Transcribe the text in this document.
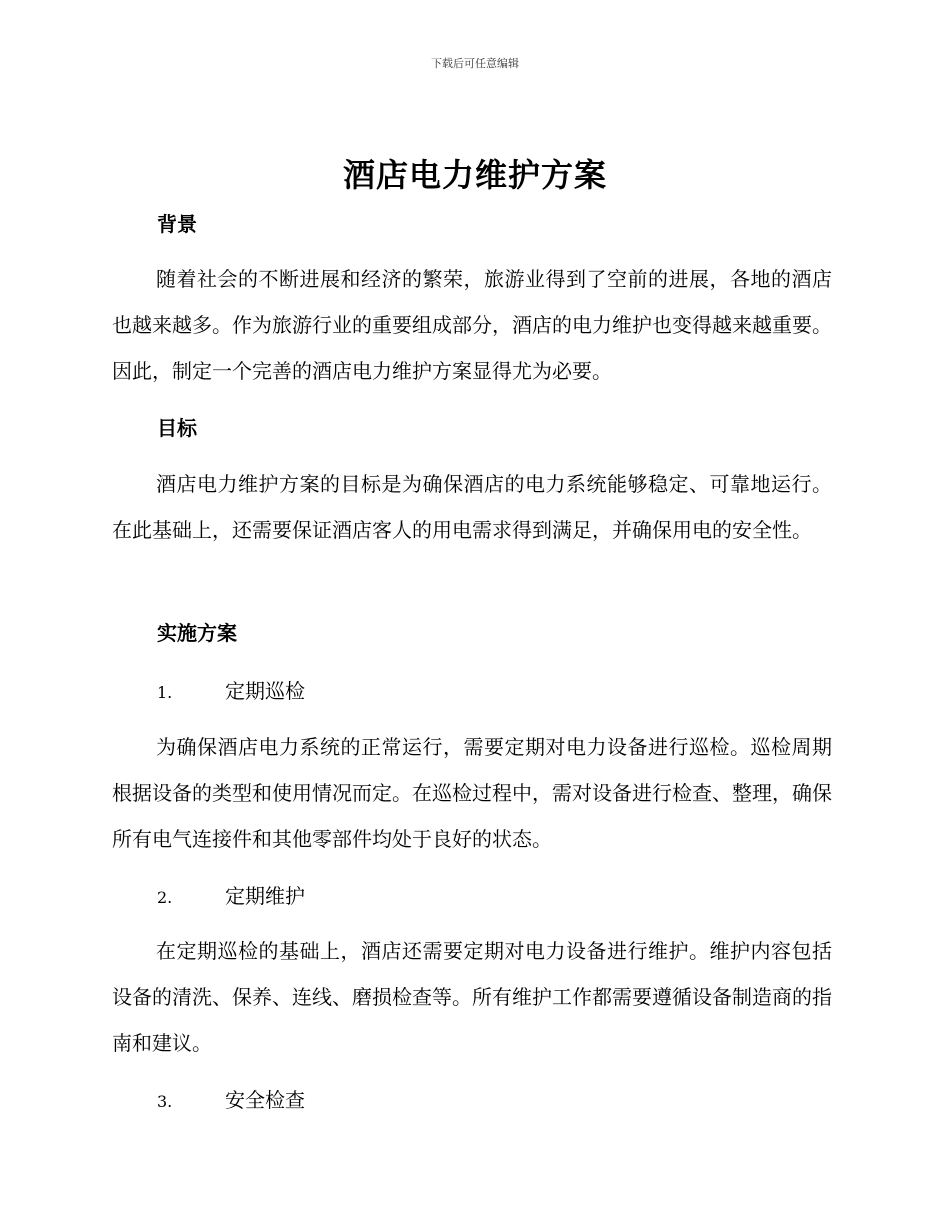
下载后可任意编辑
酒店电力维护方案
背景
随着社会的不断进展和经济的繁荣，旅游业得到了空前的进展，各地的酒店也越来越多。作为旅游行业的重要组成部分，酒店的电力维护也变得越来越重要。因此，制定一个完善的酒店电力维护方案显得尤为必要。
目标
酒店电力维护方案的目标是为确保酒店的电力系统能够稳定、可靠地运行。在此基础上，还需要保证酒店客人的用电需求得到满足，并确保用电的安全性。
实施方案
1.	定期巡检
为确保酒店电力系统的正常运行，需要定期对电力设备进行巡检。巡检周期根据设备的类型和使用情况而定。在巡检过程中，需对设备进行检查、整理，确保所有电气连接件和其他零部件均处于良好的状态。
2.	定期维护
在定期巡检的基础上，酒店还需要定期对电力设备进行维护。维护内容包括设备的清洗、保养、连线、磨损检查等。所有维护工作都需要遵循设备制造商的指南和建议。
3.	安全检查
